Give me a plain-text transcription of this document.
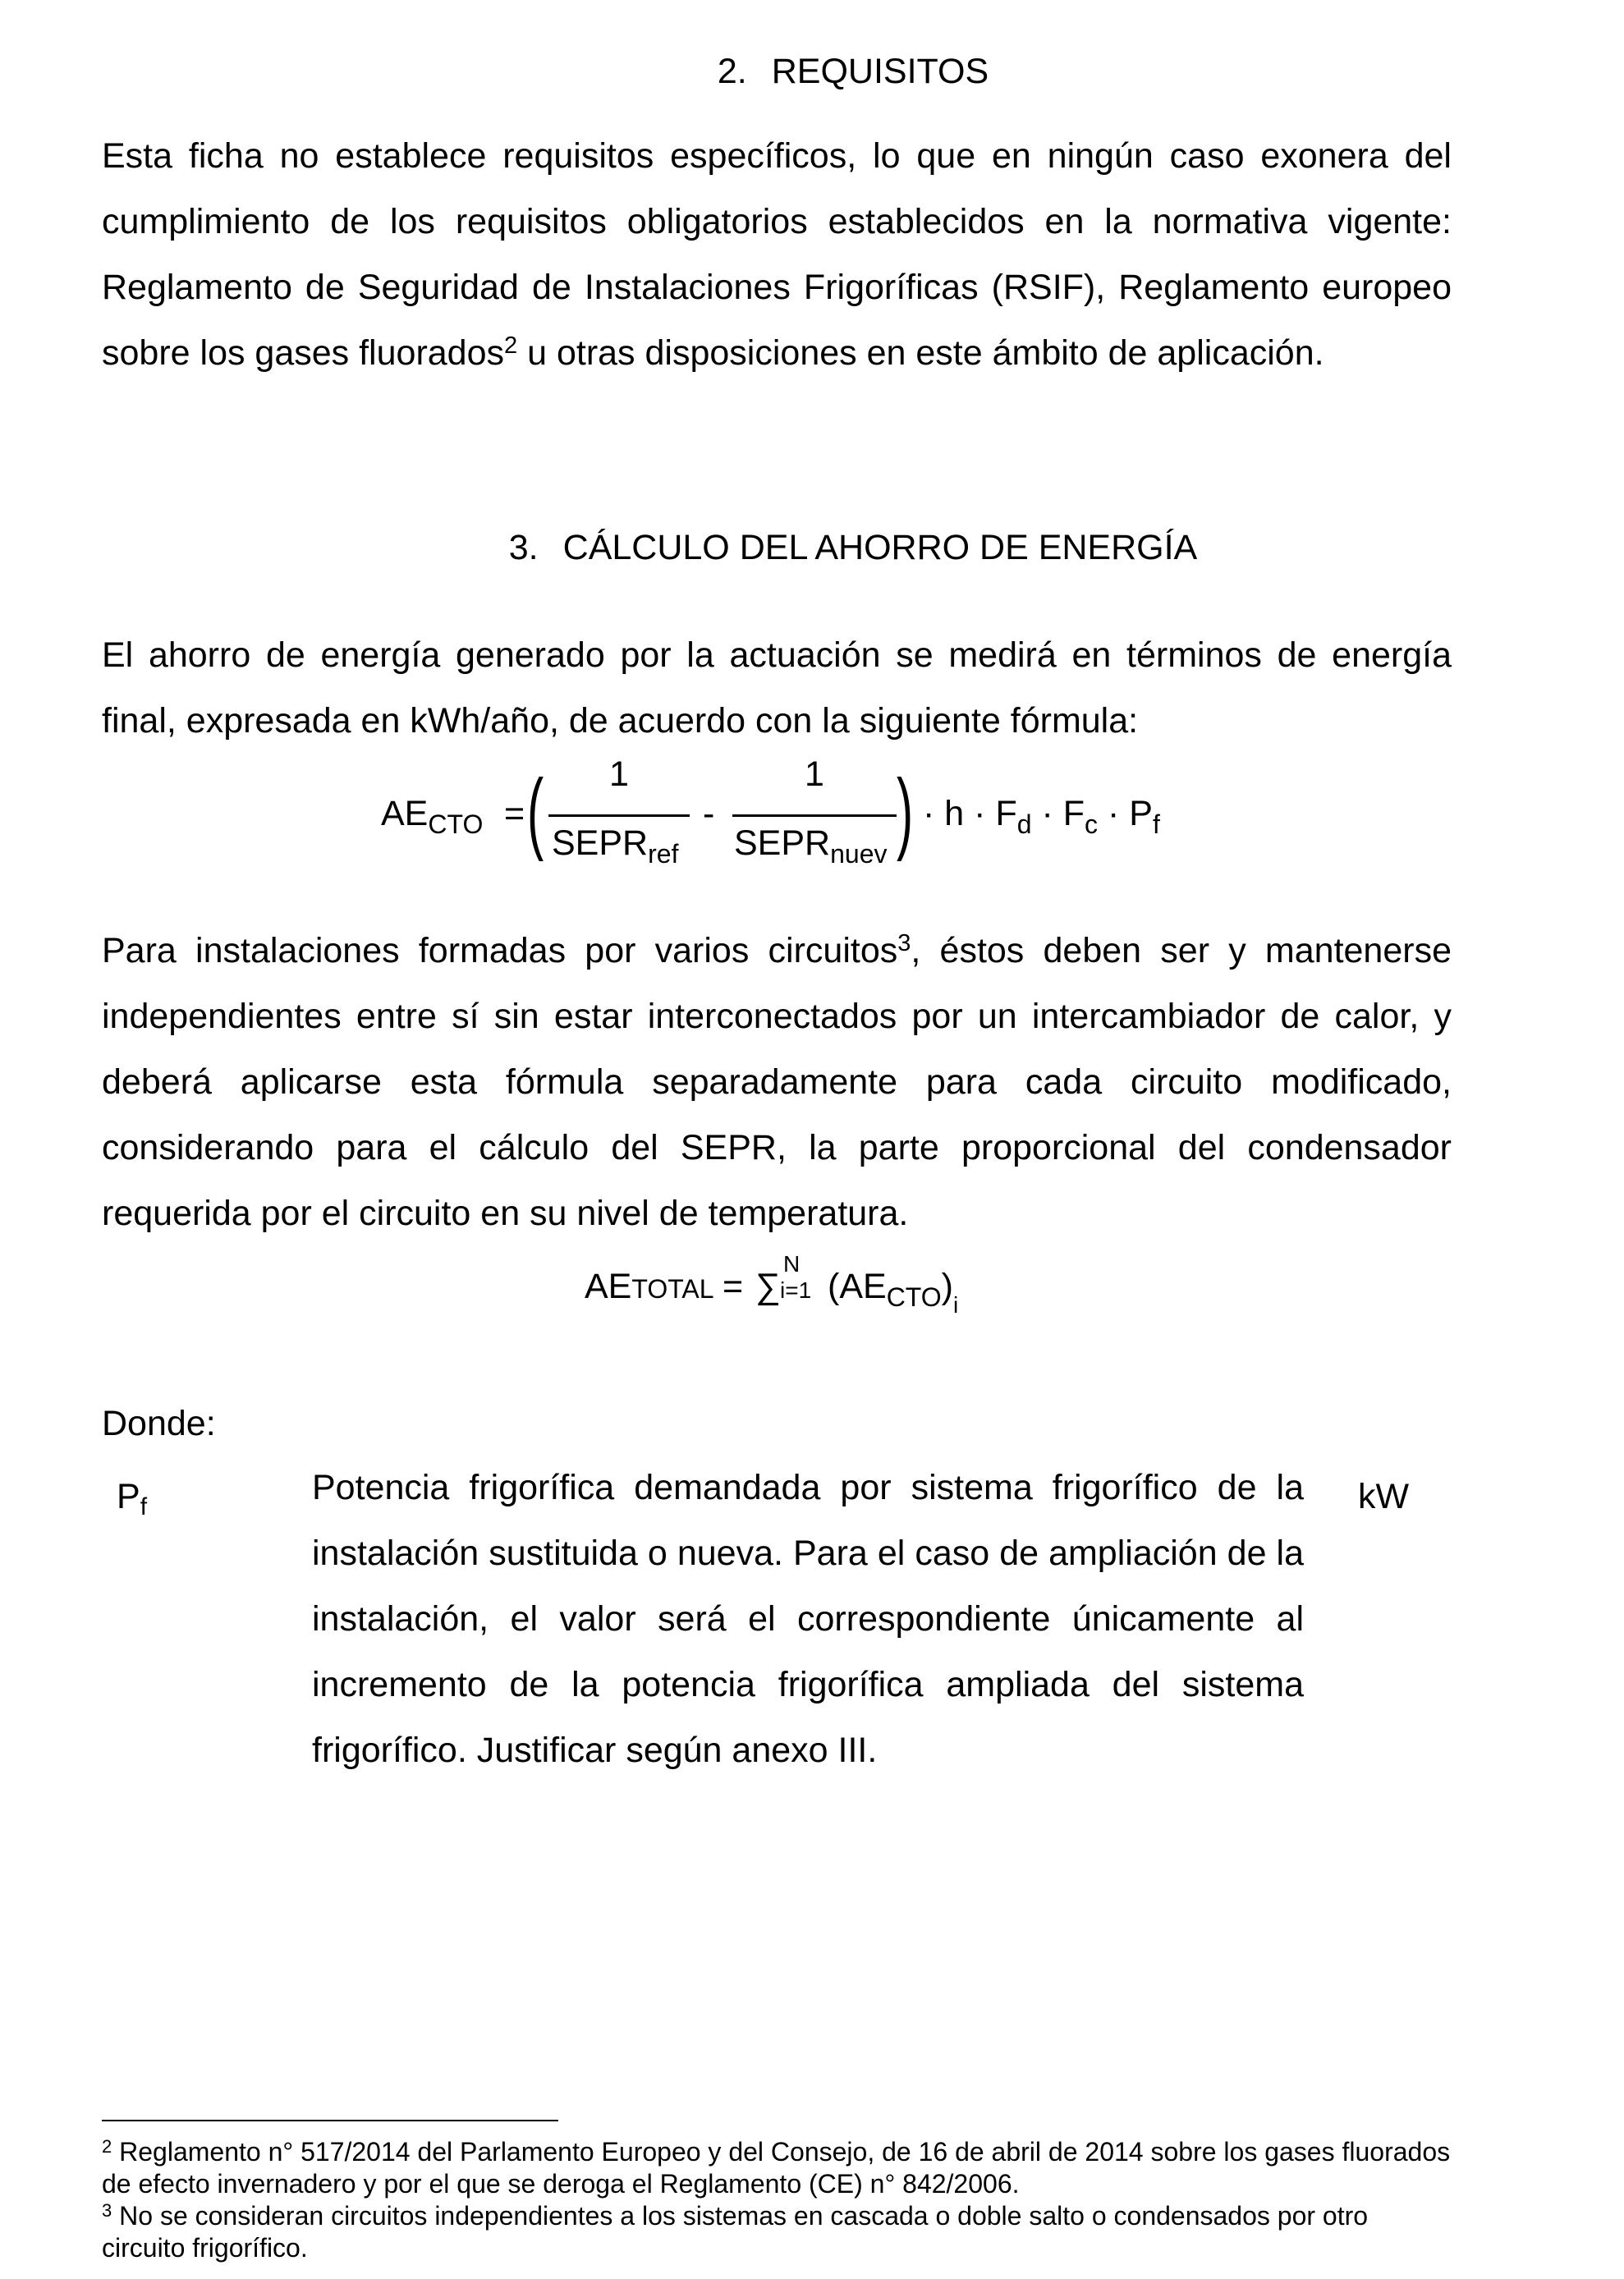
2. REQUISITOS
Esta ficha no establece requisitos específicos, lo que en ningún caso exonera del cumplimiento de los requisitos obligatorios establecidos en la normativa vigente: Reglamento de Seguridad de Instalaciones Frigoríficas (RSIF), Reglamento europeo sobre los gases fluorados$^2$ u otras disposiciones en este ámbito de aplicación.
3. CÁLCULO DEL AHORRO DE ENERGÍA
El ahorro de energía generado por la actuación se medirá en términos de energía final, expresada en kWh/año, de acuerdo con la siguiente fórmula:
$AE_{CTO}$ = ( 1
$SEPR_{ref}$
-
1
$SEPR_{nuev}$ ) · $h \cdot F_d \cdot F_c \cdot P_f$
Para instalaciones formadas por varios circuitos$^3$, éstos deben ser y mantenerse independientes entre sí sin estar interconectados por un intercambiador de calor, y deberá aplicarse esta fórmula separadamente para cada circuito modificado, considerando para el cálculo del SEPR, la parte proporcional del condensador requerida por el circuito en su nivel de temperatura.
AETOTAL = ∑
N
i=1 $(AE_{CTO})_i$
Donde:
$P_f$	Potencia frigorífica demandada por sistema frigorífico de la instalación sustituida o nueva. Para el caso de ampliación de la instalación, el valor será el correspondiente únicamente al incremento de la potencia frigorífica ampliada del sistema frigorífico. Justificar según anexo III.
kW

$^2$ Reglamento n° 517/2014 del Parlamento Europeo y del Consejo, de 16 de abril de 2014 sobre los gases fluorados de efecto invernadero y por el que se deroga el Reglamento (CE) n° 842/2006.

$^3$ No se consideran circuitos independientes a los sistemas en cascada o doble salto o condensados por otro circuito frigorífico.
